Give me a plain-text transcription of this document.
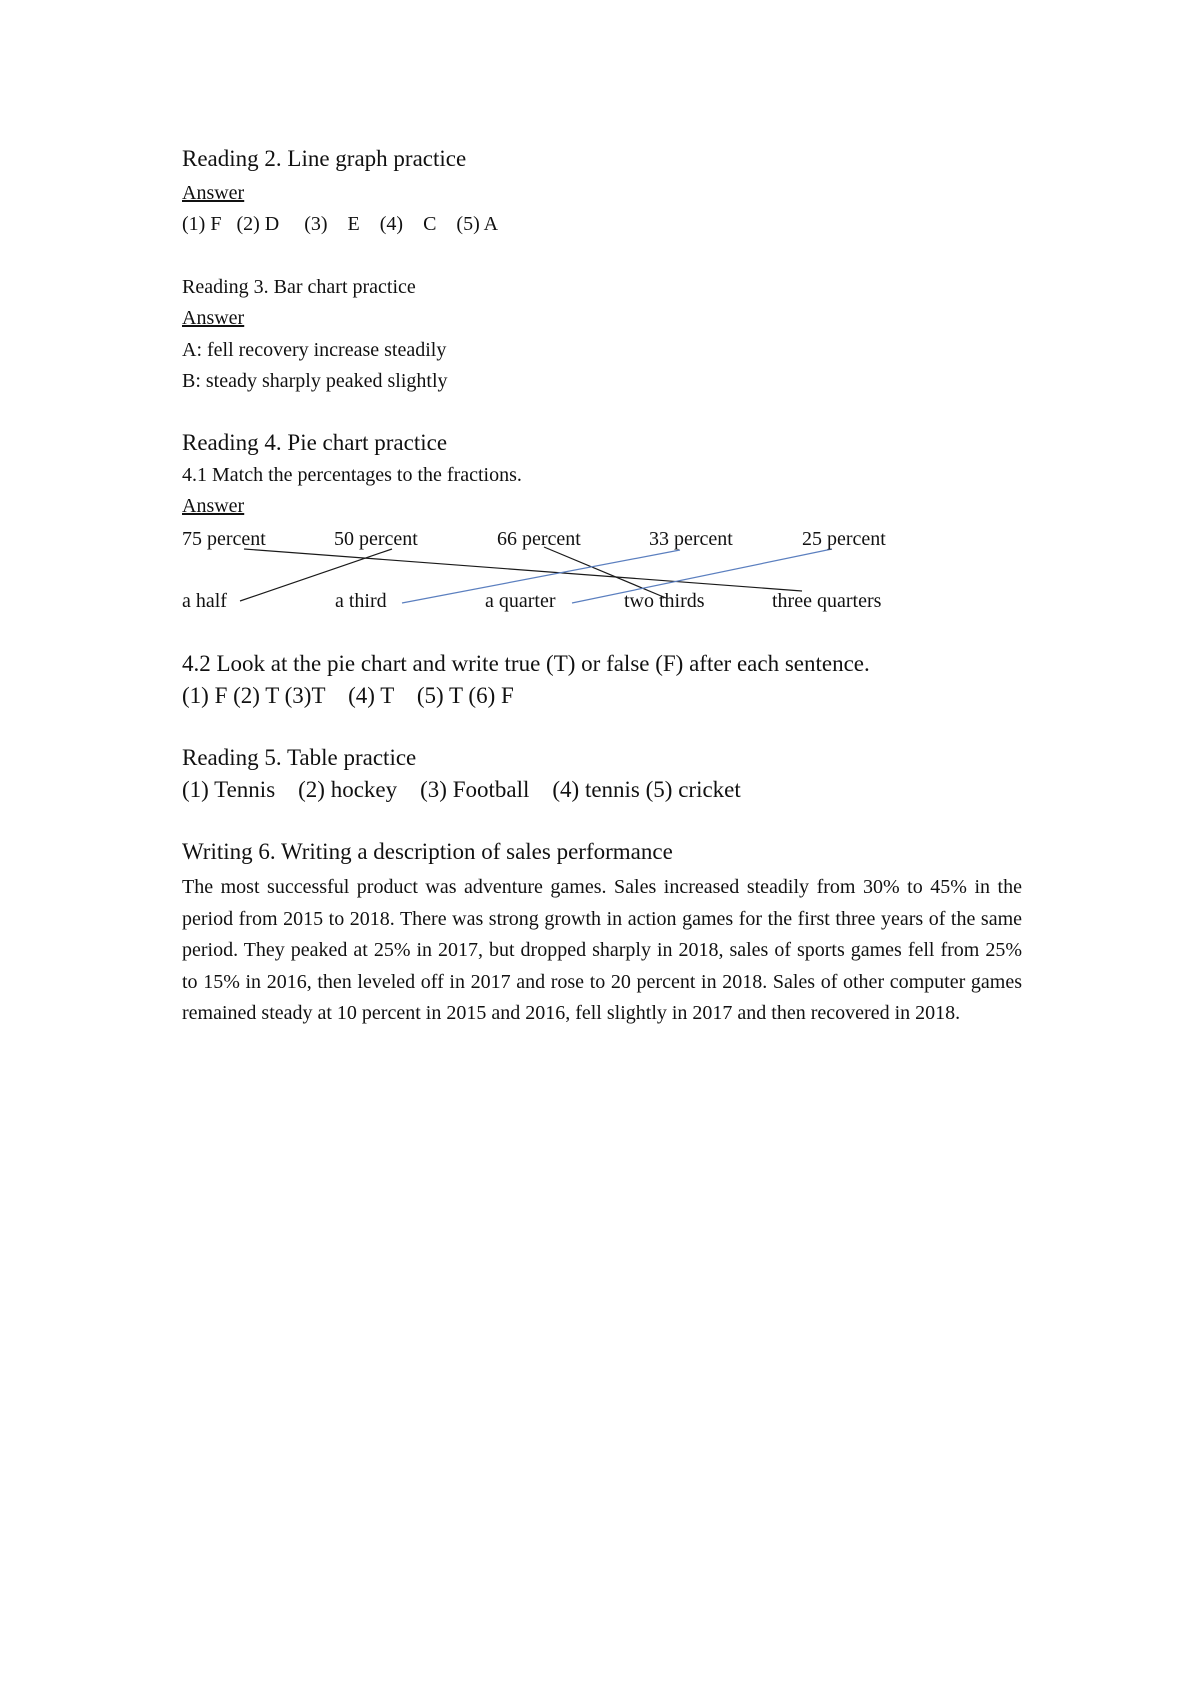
Reading 2. Line graph practice
Answer
(1) F   (2) D     (3)    E    (4)    C    (5) A
Reading 3. Bar chart practice
Answer
A: fell recovery increase steadily
B: steady sharply peaked slightly
Reading 4. Pie chart practice
4.1 Match the percentages to the fractions.
Answer
75 percent	50 percent	66 percent	33 percent	25 percent
a half	a third	a quarter	two thirds	three quarters
4.2 Look at the pie chart and write true (T) or false (F) after each sentence.
(1) F (2) T (3)T    (4) T    (5) T (6) F
Reading 5. Table practice
(1) Tennis    (2) hockey    (3) Football    (4) tennis (5) cricket
Writing 6. Writing a description of sales performance
The most successful product was adventure games. Sales increased steadily from 30% to 45% in the period from 2015 to 2018. There was strong growth in action games for the first three years of the same period. They peaked at 25% in 2017, but dropped sharply in 2018, sales of sports games fell from 25% to 15% in 2016, then leveled off in 2017 and rose to 20 percent in 2018. Sales of other computer games remained steady at 10 percent in 2015 and 2016, fell slightly in 2017 and then recovered in 2018.
